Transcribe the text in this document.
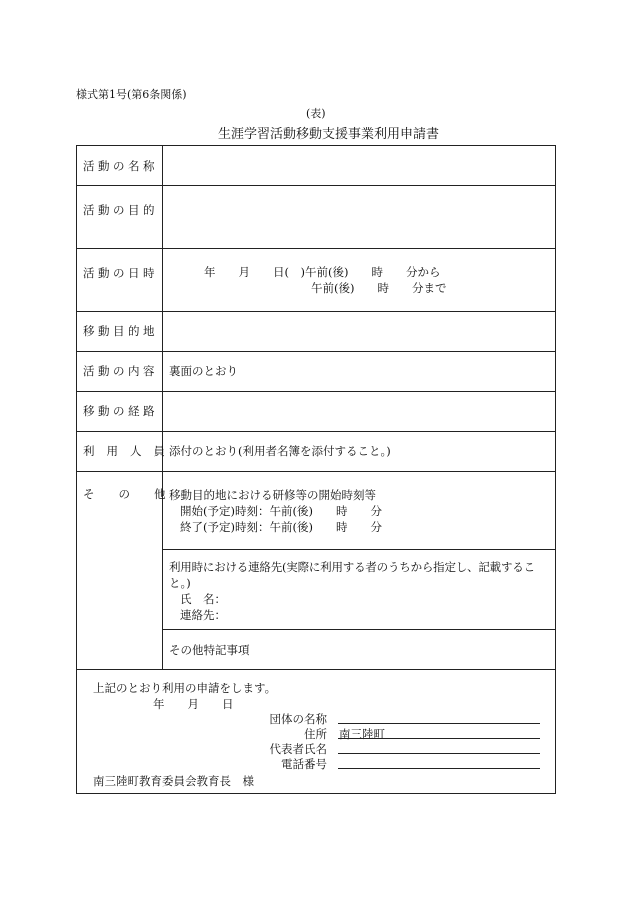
様式第1号(第6条関係)
(表)
生涯学習活動移動支援事業利用申請書
活動の名称
活動の目的
活動の日時	年　　月　　日(　)午前(後)　　時　　分から
午前(後)　　時　　分まで
移動目的地
活動の内容 裏面のとおり
移動の経路
利用人員
添付のとおり(利用者名簿を添付すること。)
その他
移動目的地における研修等の開始時刻等
開始(予定)時刻：午前(後)　　時　　分
終了(予定)時刻：午前(後)　　時　　分
利用時における連絡先(実際に利用する者のうちから指定し、記載するこ
と。)
氏　名：
連絡先：
その他特記事項
上記のとおり利用の申請をします。
年　　月　　日
団体の名称
住所 南三陸町
代表者氏名
電話番号
南三陸町教育委員会教育長　様
